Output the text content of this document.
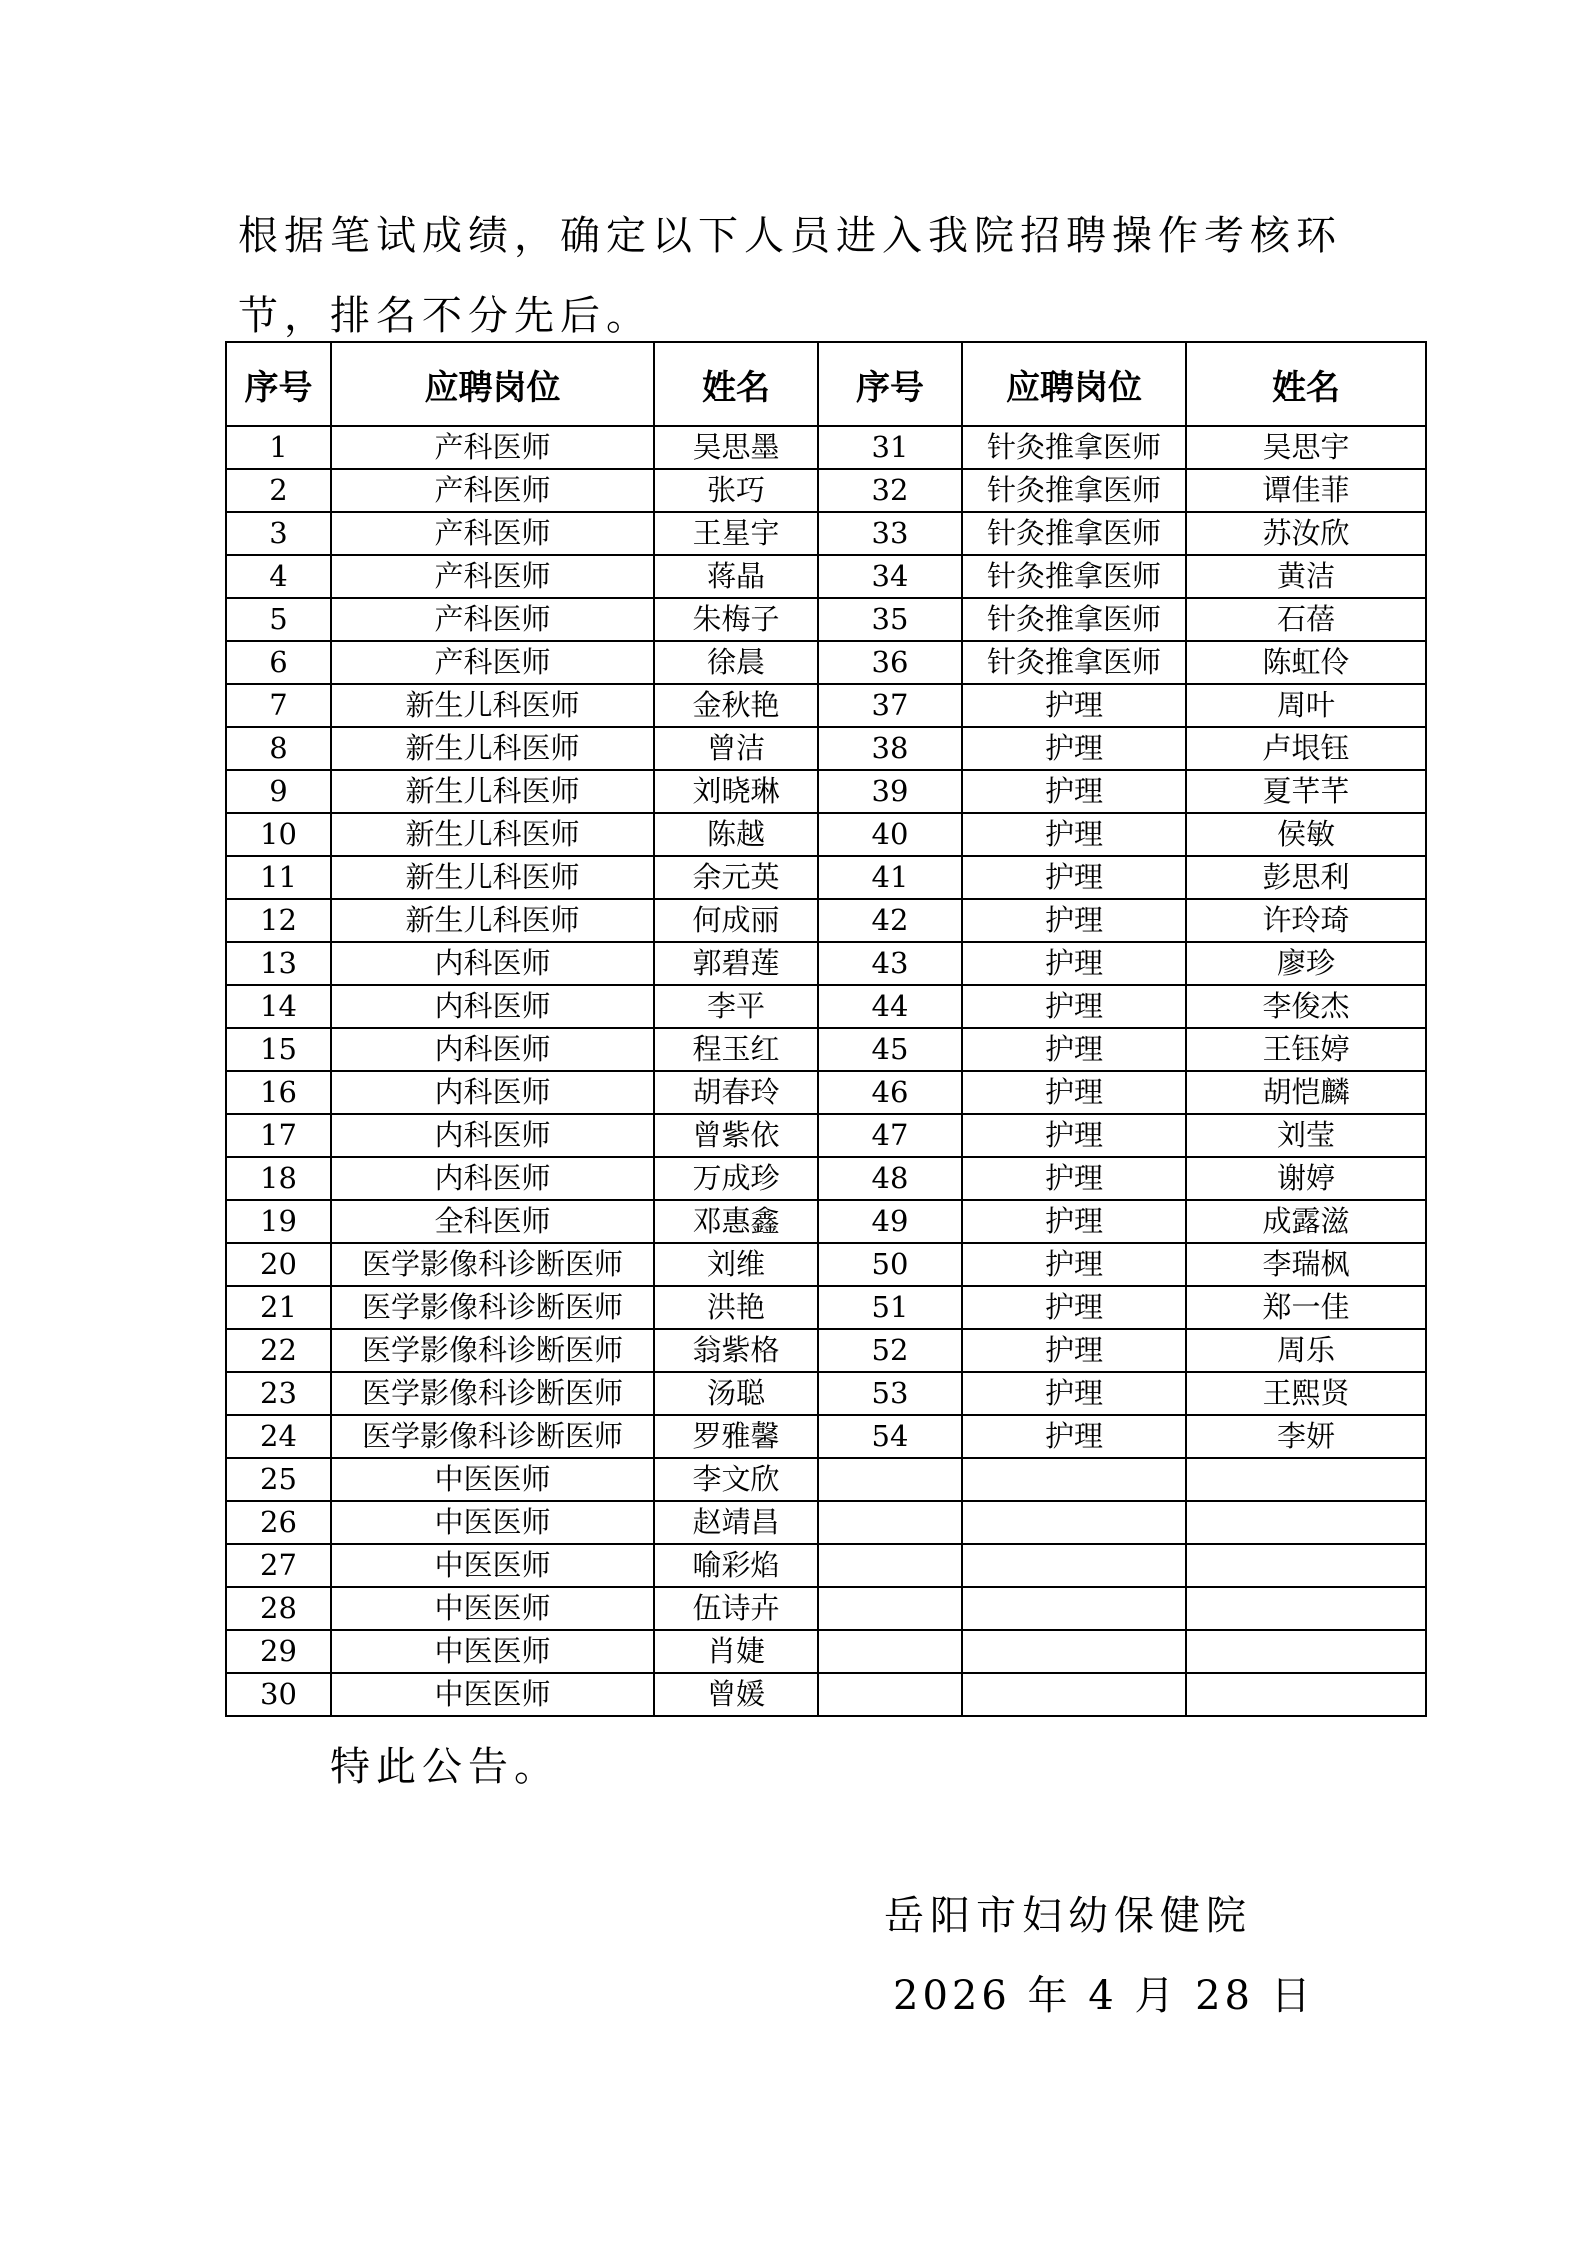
根据笔试成绩，确定以下人员进入我院招聘操作考核环

节，排名不分先后。

序号	应聘岗位	姓名	序号	应聘岗位	姓名
1	产科医师	吴思墨	31	针灸推拿医师	吴思宇
2	产科医师	张巧	32	针灸推拿医师	谭佳菲
3	产科医师	王星宇	33	针灸推拿医师	苏汝欣
4	产科医师	蒋晶	34	针灸推拿医师	黄洁
5	产科医师	朱梅子	35	针灸推拿医师	石蓓
6	产科医师	徐晨	36	针灸推拿医师	陈虹伶
7	新生儿科医师	金秋艳	37	护理	周叶
8	新生儿科医师	曾洁	38	护理	卢垠钰
9	新生儿科医师	刘晓琳	39	护理	夏芊芊
10	新生儿科医师	陈越	40	护理	侯敏
11	新生儿科医师	余元英	41	护理	彭思利
12	新生儿科医师	何成丽	42	护理	许玲琦
13	内科医师	郭碧莲	43	护理	廖珍
14	内科医师	李平	44	护理	李俊杰
15	内科医师	程玉红	45	护理	王钰婷
16	内科医师	胡春玲	46	护理	胡恺麟
17	内科医师	曾紫依	47	护理	刘莹
18	内科医师	万成珍	48	护理	谢婷
19	全科医师	邓惠鑫	49	护理	成露滋
20	医学影像科诊断医师	刘维	50	护理	李瑞枫
21	医学影像科诊断医师	洪艳	51	护理	郑一佳
22	医学影像科诊断医师	翁紫格	52	护理	周乐
23	医学影像科诊断医师	汤聪	53	护理	王熙贤
24	医学影像科诊断医师	罗雅馨	54	护理	李妍
25	中医医师	李文欣			
26	中医医师	赵靖昌			
27	中医医师	喻彩焰			
28	中医医师	伍诗卉			
29	中医医师	肖婕			
30	中医医师	曾媛			

特此公告。

岳阳市妇幼保健院

2026 年 4 月 28 日
